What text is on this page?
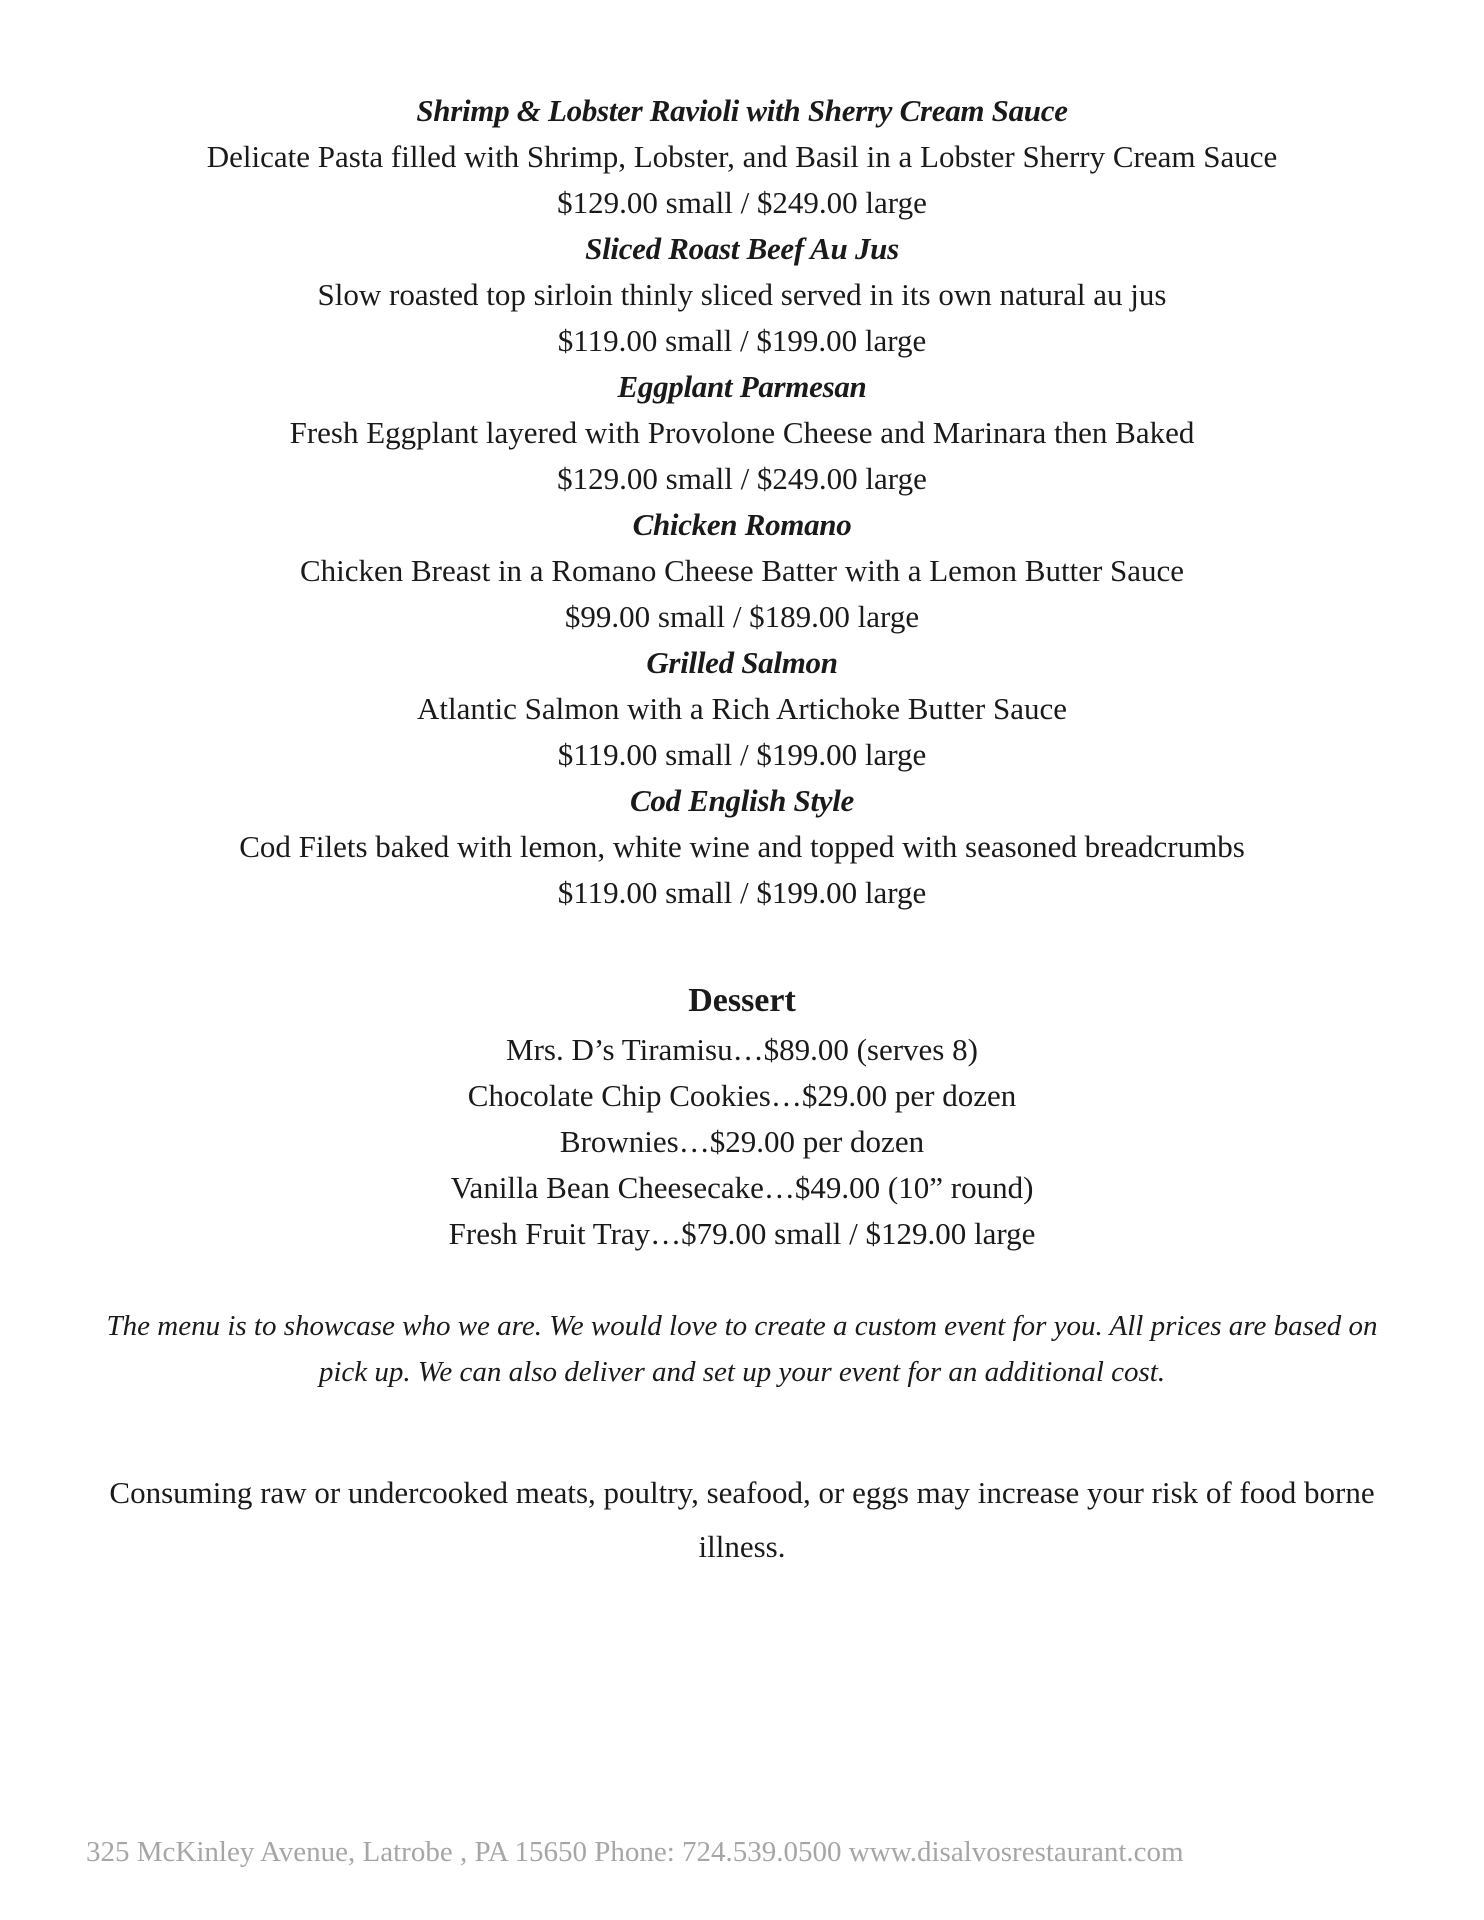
Shrimp & Lobster Ravioli with Sherry Cream Sauce
Delicate Pasta filled with Shrimp, Lobster, and Basil in a Lobster Sherry Cream Sauce
$129.00 small / $249.00 large
Sliced Roast Beef Au Jus
Slow roasted top sirloin thinly sliced served in its own natural au jus
$119.00 small / $199.00 large
Eggplant Parmesan
Fresh Eggplant layered with Provolone Cheese and Marinara then Baked
$129.00 small / $249.00 large
Chicken Romano
Chicken Breast in a Romano Cheese Batter with a Lemon Butter Sauce
$99.00 small / $189.00 large
Grilled Salmon
Atlantic Salmon with a Rich Artichoke Butter Sauce
$119.00 small / $199.00 large
Cod English Style
Cod Filets baked with lemon, white wine and topped with seasoned breadcrumbs
$119.00 small / $199.00 large
Dessert
Mrs. D’s Tiramisu…$89.00 (serves 8)
Chocolate Chip Cookies…$29.00 per dozen
Brownies…$29.00 per dozen
Vanilla Bean Cheesecake…$49.00 (10” round)
Fresh Fruit Tray…$79.00 small / $129.00 large
The menu is to showcase who we are. We would love to create a custom event for you. All prices are based on pick up. We can also deliver and set up your event for an additional cost.
Consuming raw or undercooked meats, poultry, seafood, or eggs may increase your risk of food borne illness.
325 McKinley Avenue, Latrobe , PA 15650 Phone: 724.539.0500 www.disalvosrestaurant.com
